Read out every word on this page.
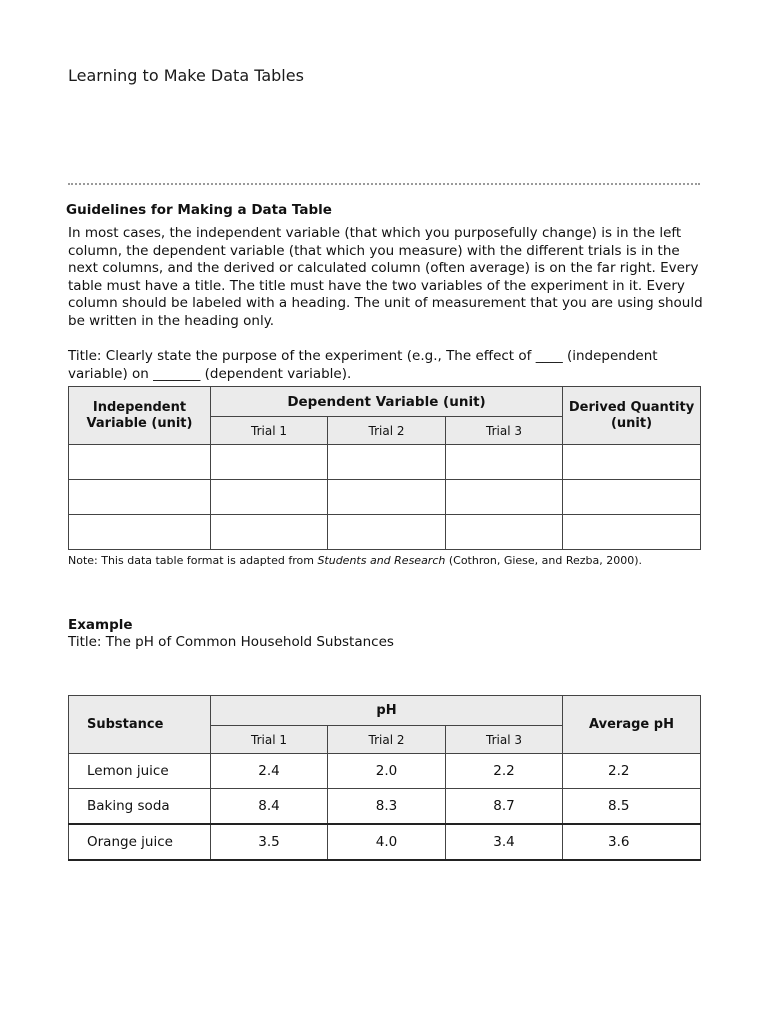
Learning to Make Data Tables
Guidelines for Making a Data Table

In most cases, the independent variable (that which you purposefully change) is in the left column, the dependent variable (that which you measure) with the different trials is in the next columns, and the derived or calculated column (often average) is on the far right. Every table must have a title. The title must have the two variables of the experiment in it. Every column should be labeled with a heading. The unit of measurement that you are using should be written in the heading only.

Title: Clearly state the purpose of the experiment (e.g., The effect of ____ (independent variable) on _______ (dependent variable).

Independent Variable (unit)	Dependent Variable (unit)			Derived Quantity (unit)
	Trial 1	Trial 2	Trial 3	

Note: This data table format is adapted from Students and Research (Cothron, Giese, and Rezba, 2000).

Example

Title: The pH of Common Household Substances

Substance	pH			Average pH
	Trial 1	Trial 2	Trial 3	
Lemon juice	2.4	2.0	2.2	2.2
Baking soda	8.4	8.3	8.7	8.5
Orange juice	3.5	4.0	3.4	3.6
